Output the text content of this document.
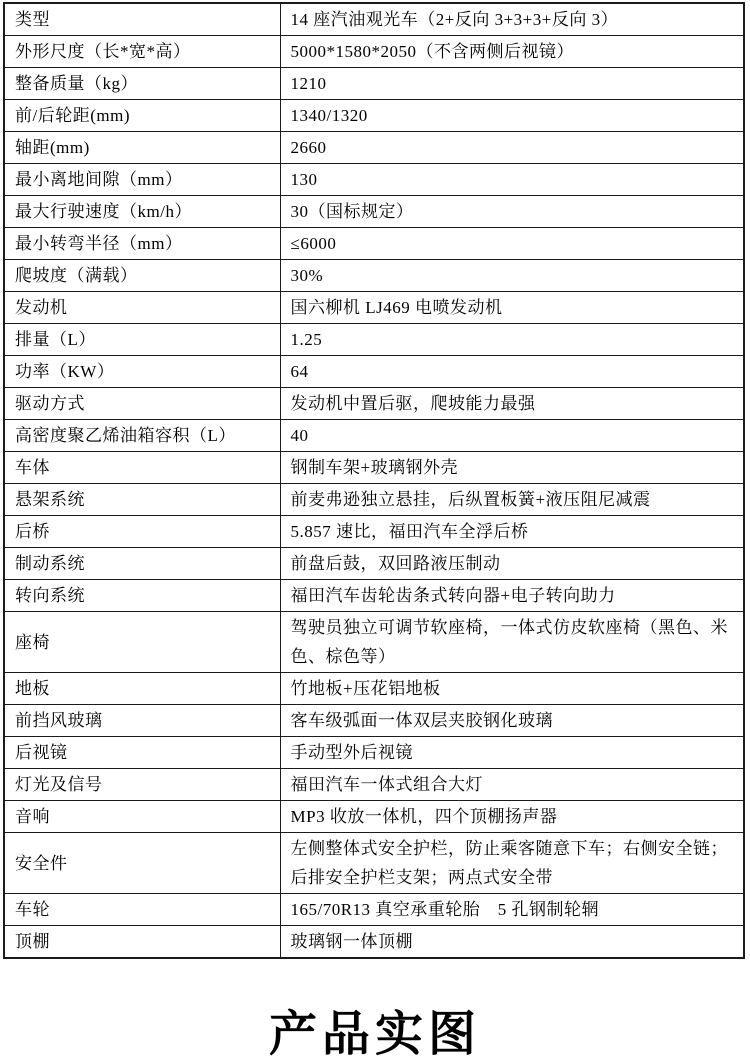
类型	14 座汽油观光车（2+反向 3+3+3+反向 3）
外形尺度（长*宽*高）	5000*1580*2050（不含两侧后视镜）
整备质量（kg）	1210
前/后轮距(mm)	1340/1320
轴距(mm)	2660
最小离地间隙（mm）	130
最大行驶速度（km/h）	30（国标规定）
最小转弯半径（mm）	≤6000
爬坡度（满载）	30%
发动机	国六柳机 LJ469 电喷发动机
排量（L）	1.25
功率（KW）	64
驱动方式	发动机中置后驱，爬坡能力最强
高密度聚乙烯油箱容积（L）	40
车体	钢制车架+玻璃钢外壳
悬架系统	前麦弗逊独立悬挂，后纵置板簧+液压阻尼减震
后桥	5.857 速比，福田汽车全浮后桥
制动系统	前盘后鼓，双回路液压制动
转向系统	福田汽车齿轮齿条式转向器+电子转向助力
座椅	驾驶员独立可调节软座椅，一体式仿皮软座椅（黑色、米色、棕色等）
地板	竹地板+压花铝地板
前挡风玻璃	客车级弧面一体双层夹胶钢化玻璃
后视镜	手动型外后视镜
灯光及信号	福田汽车一体式组合大灯
音响	MP3 收放一体机，四个顶棚扬声器
安全件	左侧整体式安全护栏，防止乘客随意下车；右侧安全链；后排安全护栏支架；两点式安全带
车轮	165/70R13 真空承重轮胎　5 孔钢制轮辋
顶棚	玻璃钢一体顶棚
产品实图
